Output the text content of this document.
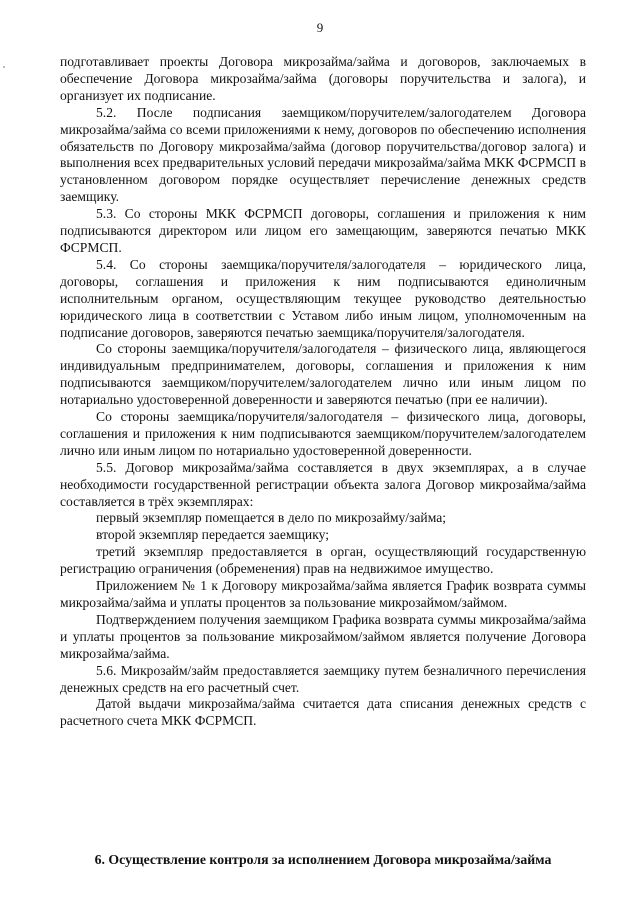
9

подготавливает проекты Договора микрозайма/займа и договоров, заключаемых в обеспечение Договора микрозайма/займа (договоры поручительства и залога), и организует их подписание.

5.2. После подписания заемщиком/поручителем/залогодателем Договора микрозайма/займа со всеми приложениями к нему, договоров по обеспечению исполнения обязательств по Договору микрозайма/займа (договор поручительства/договор залога) и выполнения всех предварительных условий передачи микрозайма/займа МКК ФСРМСП в установленном договором порядке осуществляет перечисление денежных средств заемщику.

5.3. Со стороны МКК ФСРМСП договоры, соглашения и приложения к ним подписываются директором или лицом его замещающим, заверяются печатью МКК ФСРМСП.

5.4. Со стороны заемщика/поручителя/залогодателя – юридического лица, договоры, соглашения и приложения к ним подписываются единоличным исполнительным органом, осуществляющим текущее руководство деятельностью юридического лица в соответствии с Уставом либо иным лицом, уполномоченным на подписание договоров, заверяются печатью заемщика/поручителя/залогодателя.

Со стороны заемщика/поручителя/залогодателя – физического лица, являющегося индивидуальным предпринимателем, договоры, соглашения и приложения к ним подписываются заемщиком/поручителем/залогодателем лично или иным лицом по нотариально удостоверенной доверенности и заверяются печатью (при ее наличии).

Со стороны заемщика/поручителя/залогодателя – физического лица, договоры, соглашения и приложения к ним подписываются заемщиком/поручителем/залогодателем лично или иным лицом по нотариально удостоверенной доверенности.

5.5. Договор микрозайма/займа составляется в двух экземплярах, а в случае необходимости государственной регистрации объекта залога Договор микрозайма/займа составляется в трёх экземплярах:

первый экземпляр помещается в дело по микрозайму/займа;

второй экземпляр передается заемщику;

третий экземпляр предоставляется в орган, осуществляющий государственную регистрацию ограничения (обременения) прав на недвижимое имущество.

Приложением № 1 к Договору микрозайма/займа является График возврата суммы микрозайма/займа и уплаты процентов за пользование микрозаймом/займом.

Подтверждением получения заемщиком Графика возврата суммы микрозайма/займа и уплаты процентов за пользование микрозаймом/займом является получение Договора микрозайма/займа.

5.6. Микрозайм/займ предоставляется заемщику путем безналичного перечисления денежных средств на его расчетный счет.

Датой выдачи микрозайма/займа считается дата списания денежных средств с расчетного счета МКК ФСРМСП.

6. Осуществление контроля за исполнением Договора микрозайма/займа
